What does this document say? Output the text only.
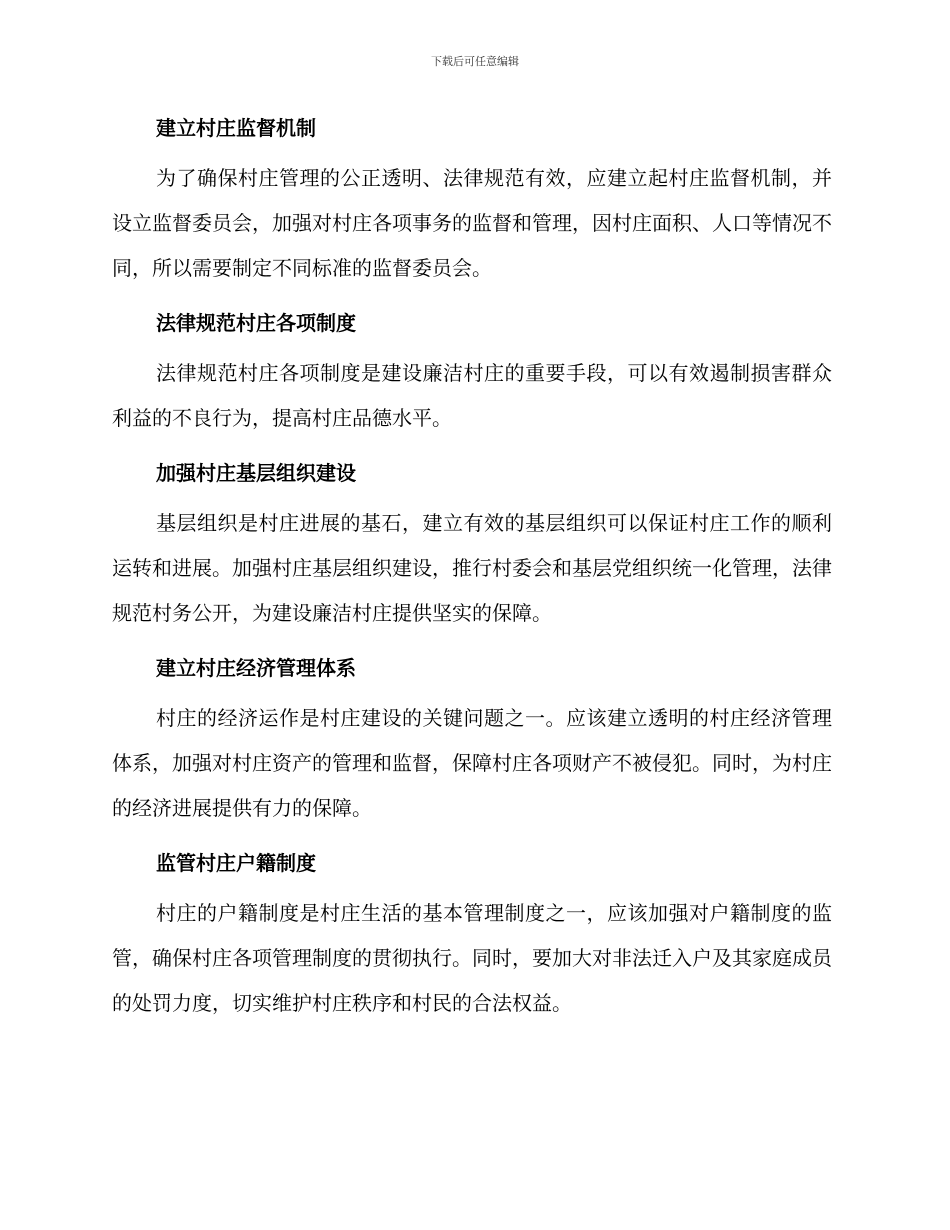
下载后可任意编辑
建立村庄监督机制

为了确保村庄管理的公正透明、法律规范有效，应建立起村庄监督机制，并设立监督委员会，加强对村庄各项事务的监督和管理，因村庄面积、人口等情况不同，所以需要制定不同标准的监督委员会。

法律规范村庄各项制度

法律规范村庄各项制度是建设廉洁村庄的重要手段，可以有效遏制损害群众利益的不良行为，提高村庄品德水平。

加强村庄基层组织建设

基层组织是村庄进展的基石，建立有效的基层组织可以保证村庄工作的顺利运转和进展。加强村庄基层组织建设，推行村委会和基层党组织统一化管理，法律规范村务公开，为建设廉洁村庄提供坚实的保障。

建立村庄经济管理体系

村庄的经济运作是村庄建设的关键问题之一。应该建立透明的村庄经济管理体系，加强对村庄资产的管理和监督，保障村庄各项财产不被侵犯。同时，为村庄的经济进展提供有力的保障。

监管村庄户籍制度

村庄的户籍制度是村庄生活的基本管理制度之一，应该加强对户籍制度的监管，确保村庄各项管理制度的贯彻执行。同时，要加大对非法迁入户及其家庭成员的处罚力度，切实维护村庄秩序和村民的合法权益。
